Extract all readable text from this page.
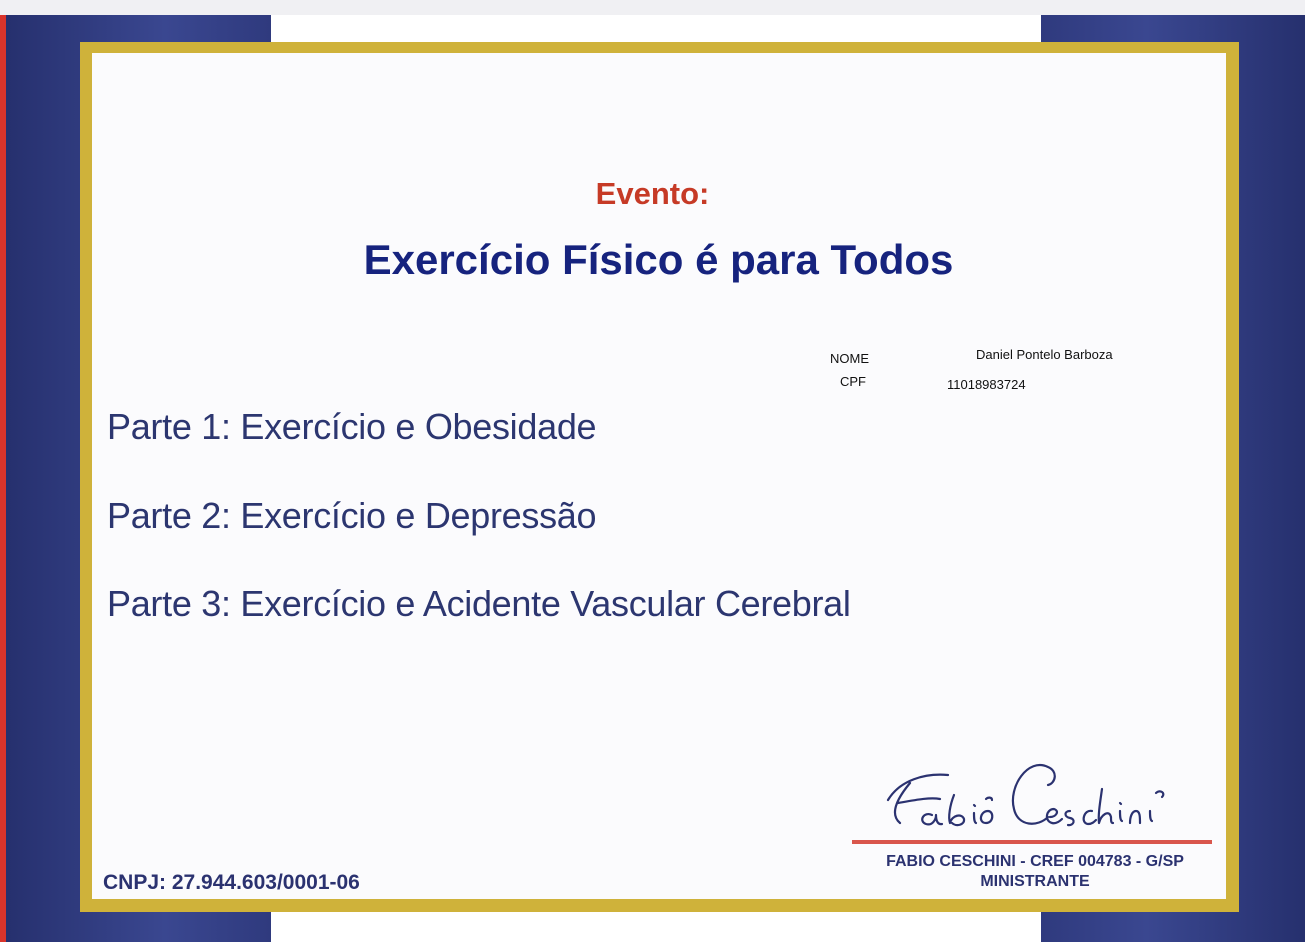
Evento:
Exercício Físico é para Todos
NOME	Daniel Pontelo Barboza
CPF	11018983724
Parte 1: Exercício e Obesidade
Parte 2: Exercício e Depressão
Parte 3: Exercício e Acidente Vascular Cerebral
FABIO CESCHINI - CREF 004783 - G/SP
MINISTRANTE
CNPJ: 27.944.603/0001-06
